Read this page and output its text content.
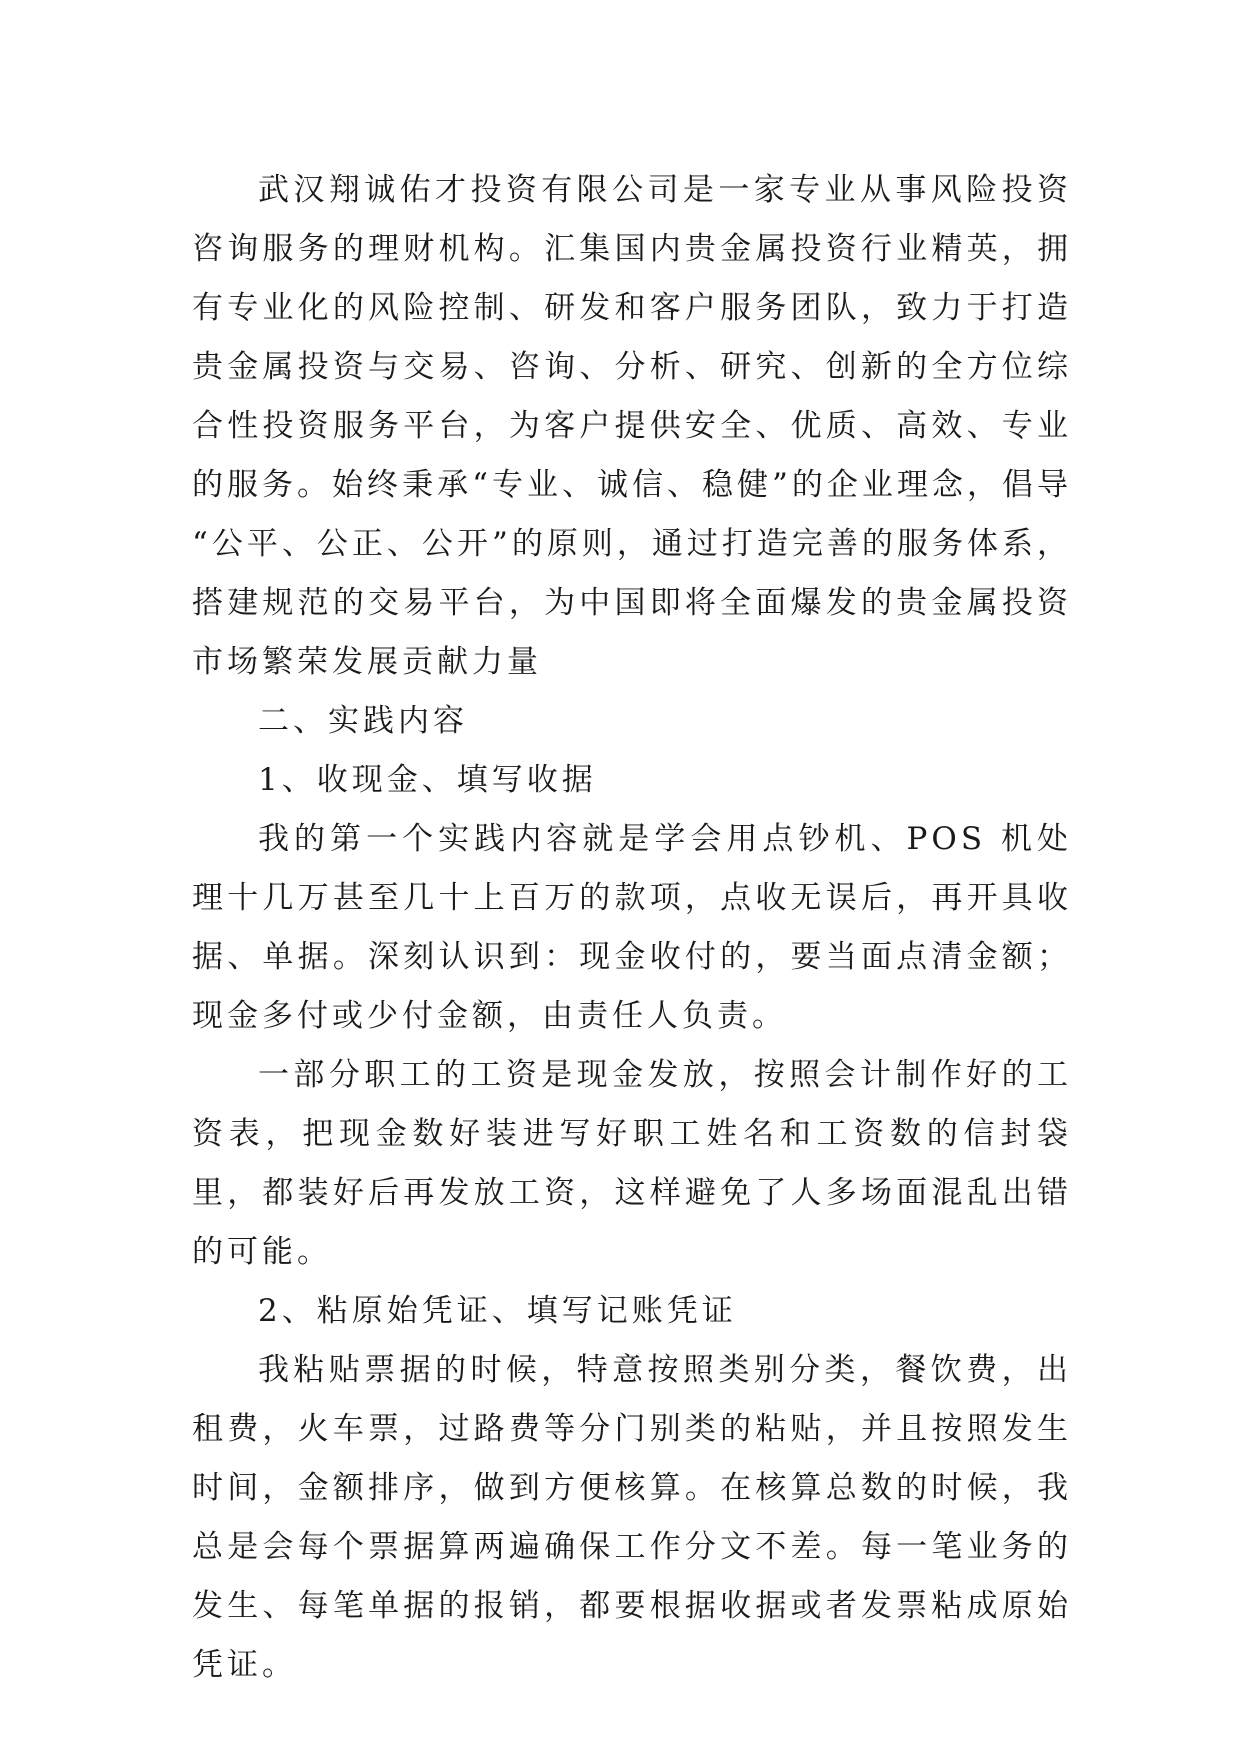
武汉翔诚佑才投资有限公司是一家专业从事风险投资咨询服务的理财机构。汇集国内贵金属投资行业精英，拥有专业化的风险控制、研发和客户服务团队，致力于打造贵金属投资与交易、咨询、分析、研究、创新的全方位综合性投资服务平台，为客户提供安全、优质、高效、专业的服务。始终秉承“专业、诚信、稳健”的企业理念，倡导 “公平、公正、公开”的原则，通过打造完善的服务体系，搭建规范的交易平台，为中国即将全面爆发的贵金属投资市场繁荣发展贡献力量

二、实践内容

1、收现金、填写收据

我的第一个实践内容就是学会用点钞机、POS 机处理十几万甚至几十上百万的款项，点收无误后，再开具收据、单据。深刻认识到：现金收付的，要当面点清金额；现金多付或少付金额，由责任人负责。

一部分职工的工资是现金发放，按照会计制作好的工资表，把现金数好装进写好职工姓名和工资数的信封袋里，都装好后再发放工资，这样避免了人多场面混乱出错的可能。

2、粘原始凭证、填写记账凭证

我粘贴票据的时候，特意按照类别分类，餐饮费，出租费，火车票，过路费等分门别类的粘贴，并且按照发生时间，金额排序，做到方便核算。在核算总数的时候，我总是会每个票据算两遍确保工作分文不差。每一笔业务的发生、每笔单据的报销，都要根据收据或者发票粘成原始凭证。
